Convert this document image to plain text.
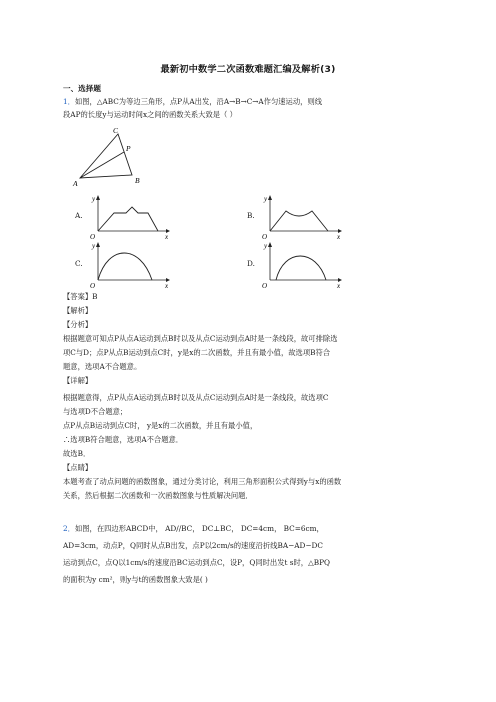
最新初中数学二次函数难题汇编及解析(3)
一、选择题
1．如图，△ABC为等边三角形，点P从A出发，沿A→B→C→A作匀速运动，则线
段AP的长度y与运动时间x之间的函数关系大致是（ ）
A	B
C
P
A.
y
x
O
B.
y
x
O
C.
y
x
O
D.
y
x
O
【答案】B
【解析】
【分析】
根据题意可知点P从点A运动到点B时以及从点C运动到点A时是一条线段，故可排除选
项C与D；点P从点B运动到点C时，y是x的二次函数，并且有最小值，故选项B符合
题意，选项A不合题意。
【详解】
根据题意得，点P从点A运动到点B时以及从点C运动到点A时是一条线段，故选项C
与选项D不合题意；
点P从点B运动到点C时， y是x的二次函数，并且有最小值，
∴选项B符合题意，选项A不合题意．
故选B．
【点睛】
本题考查了动点问题的函数图象，通过分类讨论，利用三角形面积公式得到y与x的函数
关系，然后根据二次函数和一次函数图象与性质解决问题．
2．如图，在四边形ABCD中， AD//BC， DC⊥BC， DC=4cm， BC=6cm，
AD=3cm，动点P，Q同时从点B出发，点P以2cm/s的速度沿折线BA−AD−DC
运动到点C，点Q以1cm/s的速度沿BC运动到点C，设P，Q同时出发t s时，△BPQ
的面积为y cm²，则y与t的函数图象大致是( )
